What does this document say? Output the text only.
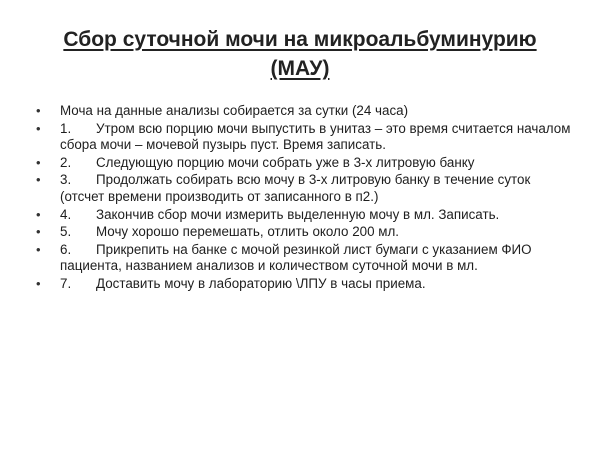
Сбор суточной мочи на микроальбуминурию
(МАУ)
•	Моча на данные анализы собирается за сутки (24 часа)
•	1. Утром всю порцию мочи выпустить в унитаз – это время считается началом сбора мочи – мочевой пузырь пуст. Время записать.
•	2. Следующую порцию мочи собрать уже в 3-х литровую банку
•	3. Продолжать собирать всю мочу в 3-х литровую банку в течение суток (отсчет времени производить от записанного в п2.)
•	4. Закончив сбор мочи измерить выделенную мочу в мл. Записать.
•	5. Мочу хорошо перемешать, отлить около 200 мл.
•	6. Прикрепить на банке с мочой резинкой лист бумаги с указанием ФИО пациента, названием анализов и количеством суточной мочи в мл.
•	7. Доставить мочу в лабораторию \ЛПУ в часы приема.
